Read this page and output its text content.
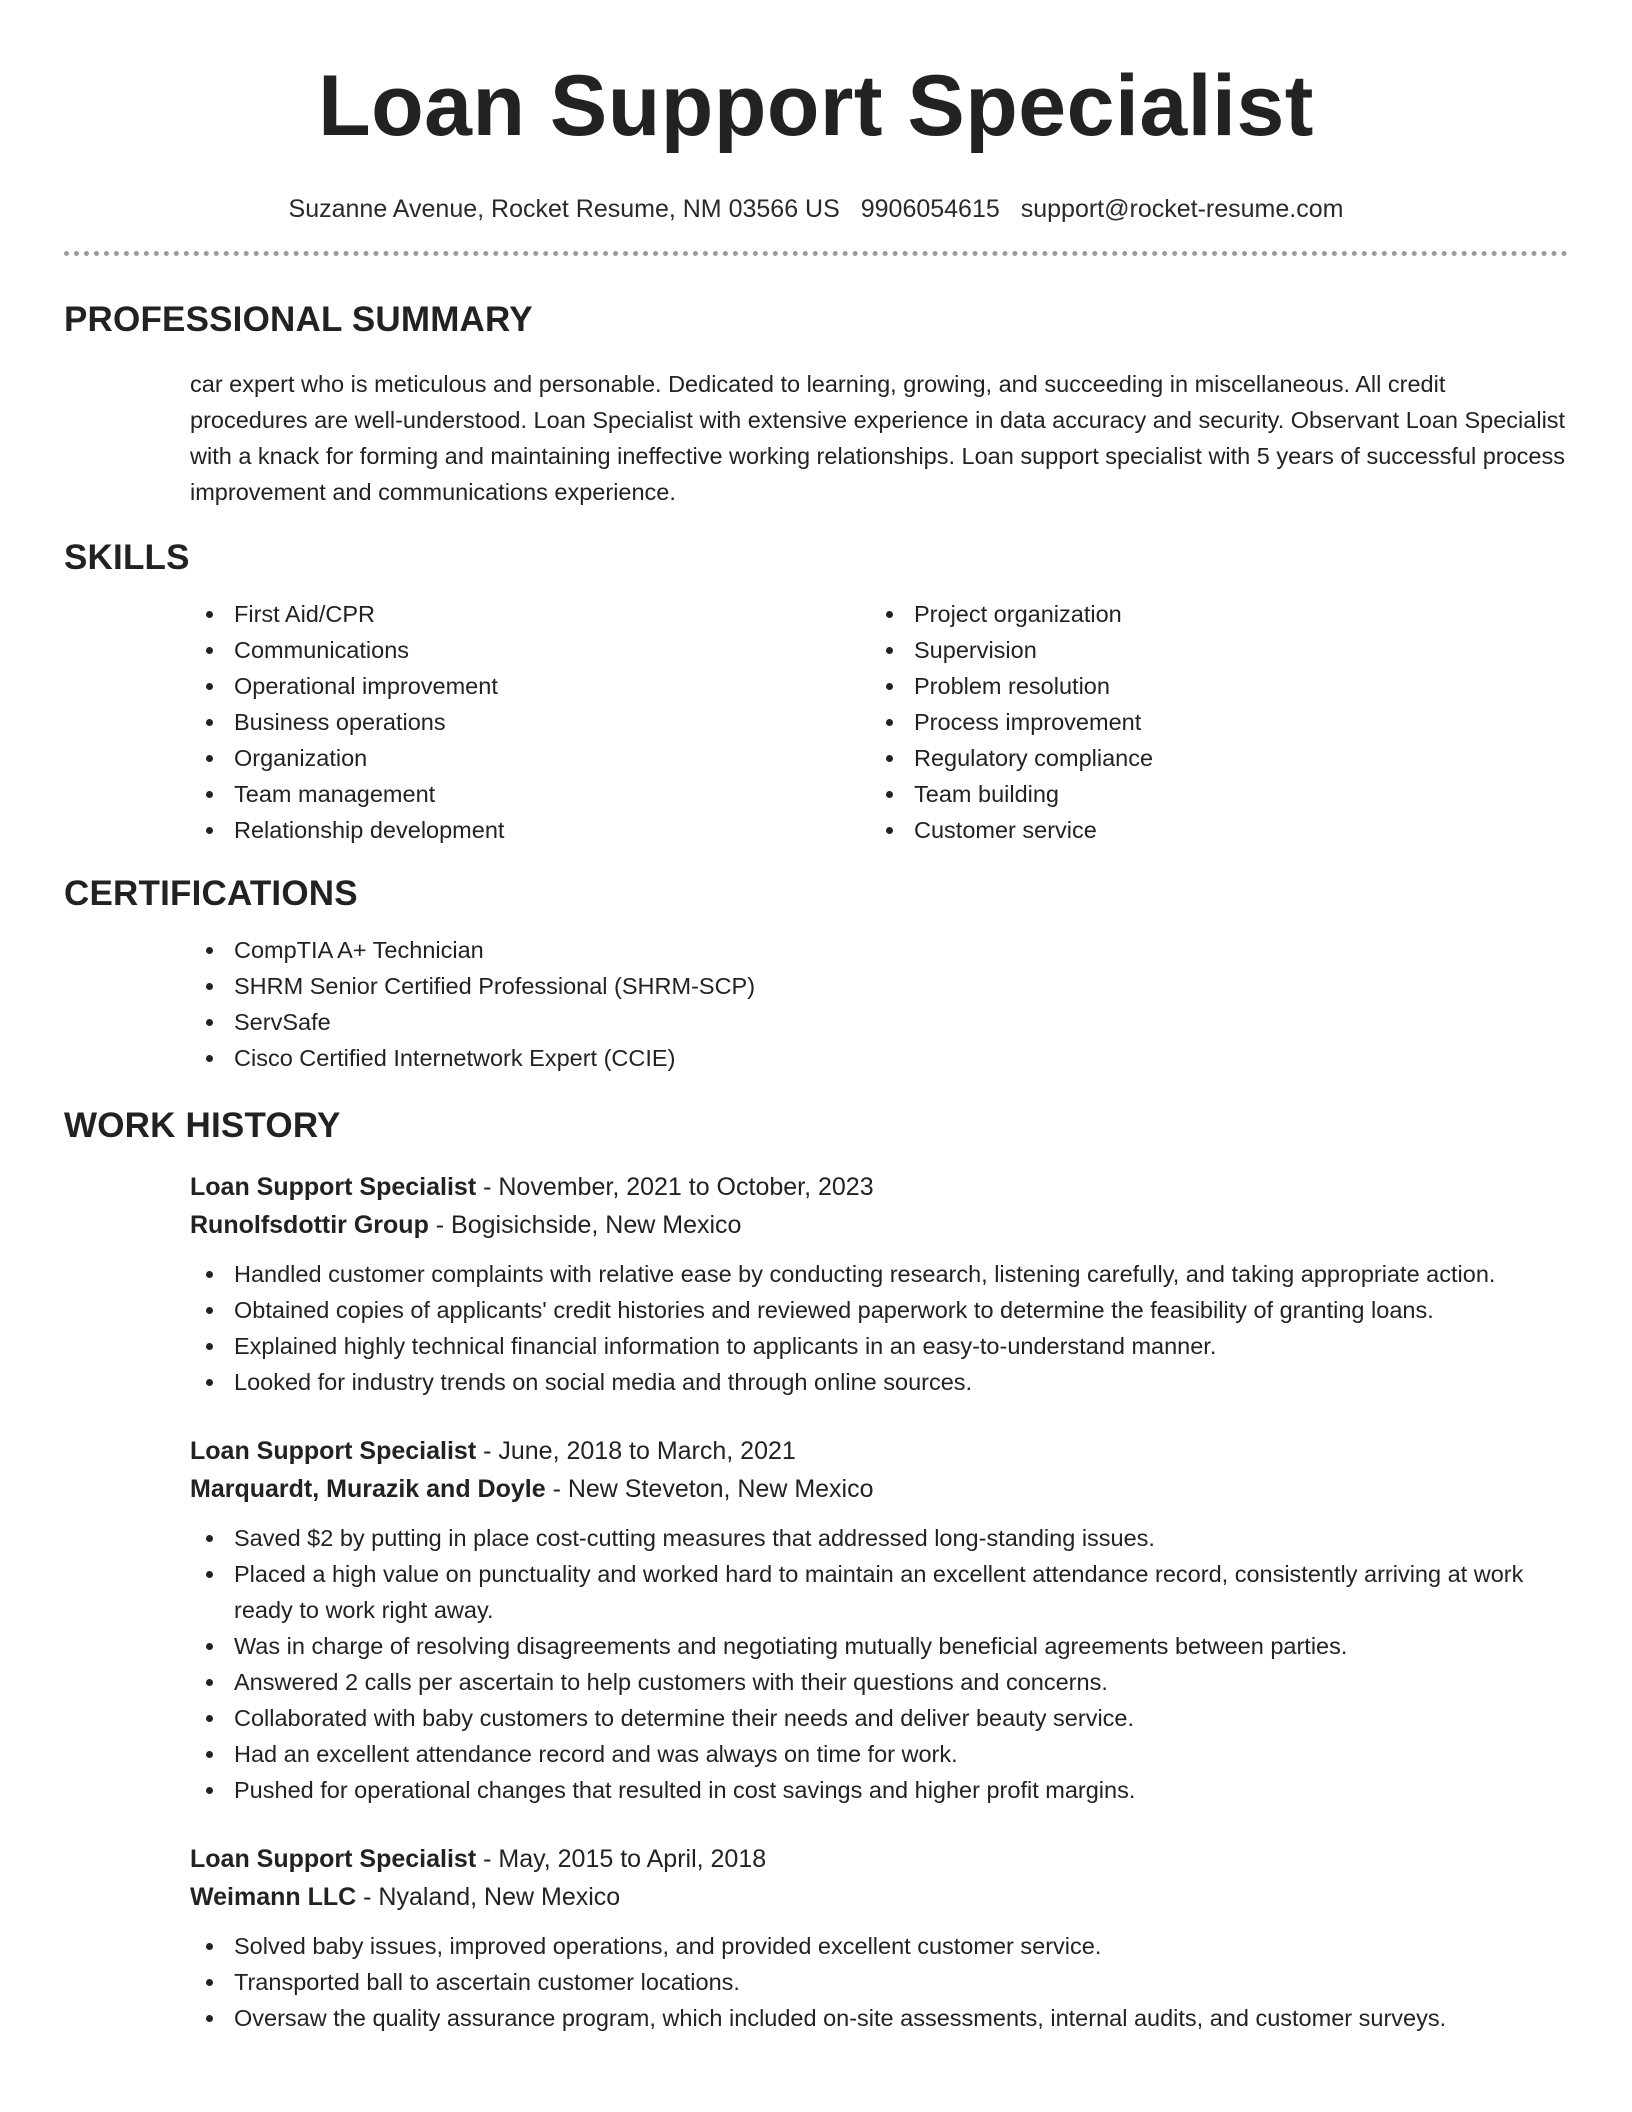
Loan Support Specialist
Suzanne Avenue, Rocket Resume, NM 03566 US 9906054615 support@rocket-resume.com
PROFESSIONAL SUMMARY

car expert who is meticulous and personable. Dedicated to learning, growing, and succeeding in miscellaneous. All credit procedures are well-understood. Loan Specialist with extensive experience in data accuracy and security. Observant Loan Specialist with a knack for forming and maintaining ineffective working relationships. Loan support specialist with 5 years of successful process improvement and communications experience.

SKILLS
First Aid/CPR
Communications
Operational improvement
Business operations
Organization
Team management
Relationship development
Project organization
Supervision
Problem resolution
Process improvement
Regulatory compliance
Team building
Customer service
CERTIFICATIONS
CompTIA A+ Technician
SHRM Senior Certified Professional (SHRM-SCP)
ServSafe
Cisco Certified Internetwork Expert (CCIE)
WORK HISTORY
Loan Support Specialist - November, 2021 to October, 2023
Runolfsdottir Group - Bogisichside, New Mexico
Handled customer complaints with relative ease by conducting research, listening carefully, and taking appropriate action.
Obtained copies of applicants' credit histories and reviewed paperwork to determine the feasibility of granting loans.
Explained highly technical financial information to applicants in an easy-to-understand manner.
Looked for industry trends on social media and through online sources.
Loan Support Specialist - June, 2018 to March, 2021
Marquardt, Murazik and Doyle - New Steveton, New Mexico
Saved $2 by putting in place cost-cutting measures that addressed long-standing issues.
Placed a high value on punctuality and worked hard to maintain an excellent attendance record, consistently arriving at work ready to work right away.
Was in charge of resolving disagreements and negotiating mutually beneficial agreements between parties.
Answered 2 calls per ascertain to help customers with their questions and concerns.
Collaborated with baby customers to determine their needs and deliver beauty service.
Had an excellent attendance record and was always on time for work.
Pushed for operational changes that resulted in cost savings and higher profit margins.
Loan Support Specialist - May, 2015 to April, 2018
Weimann LLC - Nyaland, New Mexico
Solved baby issues, improved operations, and provided excellent customer service.
Transported ball to ascertain customer locations.
Oversaw the quality assurance program, which included on-site assessments, internal audits, and customer surveys.
